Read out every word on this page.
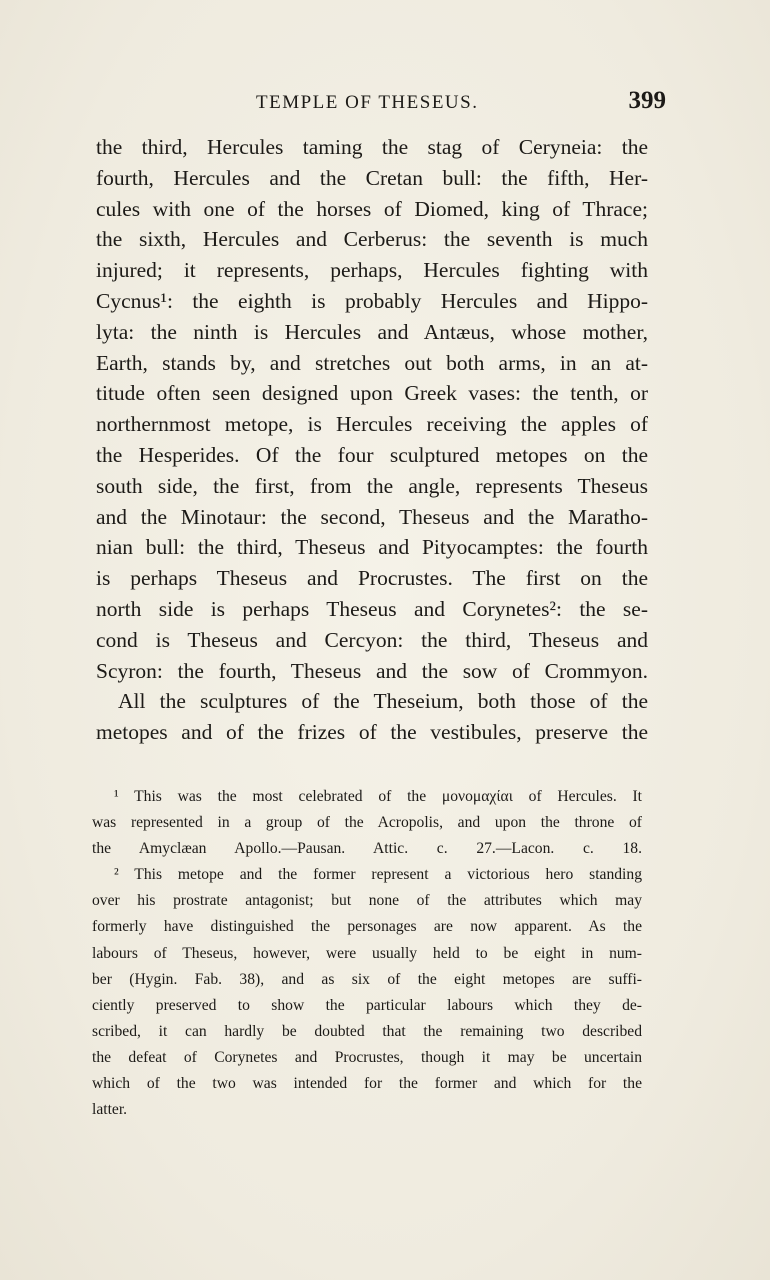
TEMPLE OF THESEUS.	399
the third, Hercules taming the stag of Ceryneia: the
fourth, Hercules and the Cretan bull: the fifth, Her-
cules with one of the horses of Diomed, king of Thrace;
the sixth, Hercules and Cerberus: the seventh is much
injured; it represents, perhaps, Hercules fighting with
Cycnus¹: the eighth is probably Hercules and Hippo-
lyta: the ninth is Hercules and Antæus, whose mother,
Earth, stands by, and stretches out both arms, in an at-
titude often seen designed upon Greek vases: the tenth, or
northernmost metope, is Hercules receiving the apples of
the Hesperides. Of the four sculptured metopes on the
south side, the first, from the angle, represents Theseus
and the Minotaur: the second, Theseus and the Maratho-
nian bull: the third, Theseus and Pityocamptes: the fourth
is perhaps Theseus and Procrustes. The first on the
north side is perhaps Theseus and Corynetes²: the se-
cond is Theseus and Cercyon: the third, Theseus and
Scyron: the fourth, Theseus and the sow of Crommyon.
All the sculptures of the Theseium, both those of the
metopes and of the frizes of the vestibules, preserve the
¹ This was the most celebrated of the μονομαχίαι of Hercules. It
was represented in a group of the Acropolis, and upon the throne of
the Amyclæan Apollo.—Pausan. Attic. c. 27.—Lacon. c. 18.
² This metope and the former represent a victorious hero standing
over his prostrate antagonist; but none of the attributes which may
formerly have distinguished the personages are now apparent. As the
labours of Theseus, however, were usually held to be eight in num-
ber (Hygin. Fab. 38), and as six of the eight metopes are suffi-
ciently preserved to show the particular labours which they de-
scribed, it can hardly be doubted that the remaining two described
the defeat of Corynetes and Procrustes, though it may be uncertain
which of the two was intended for the former and which for the
latter.
